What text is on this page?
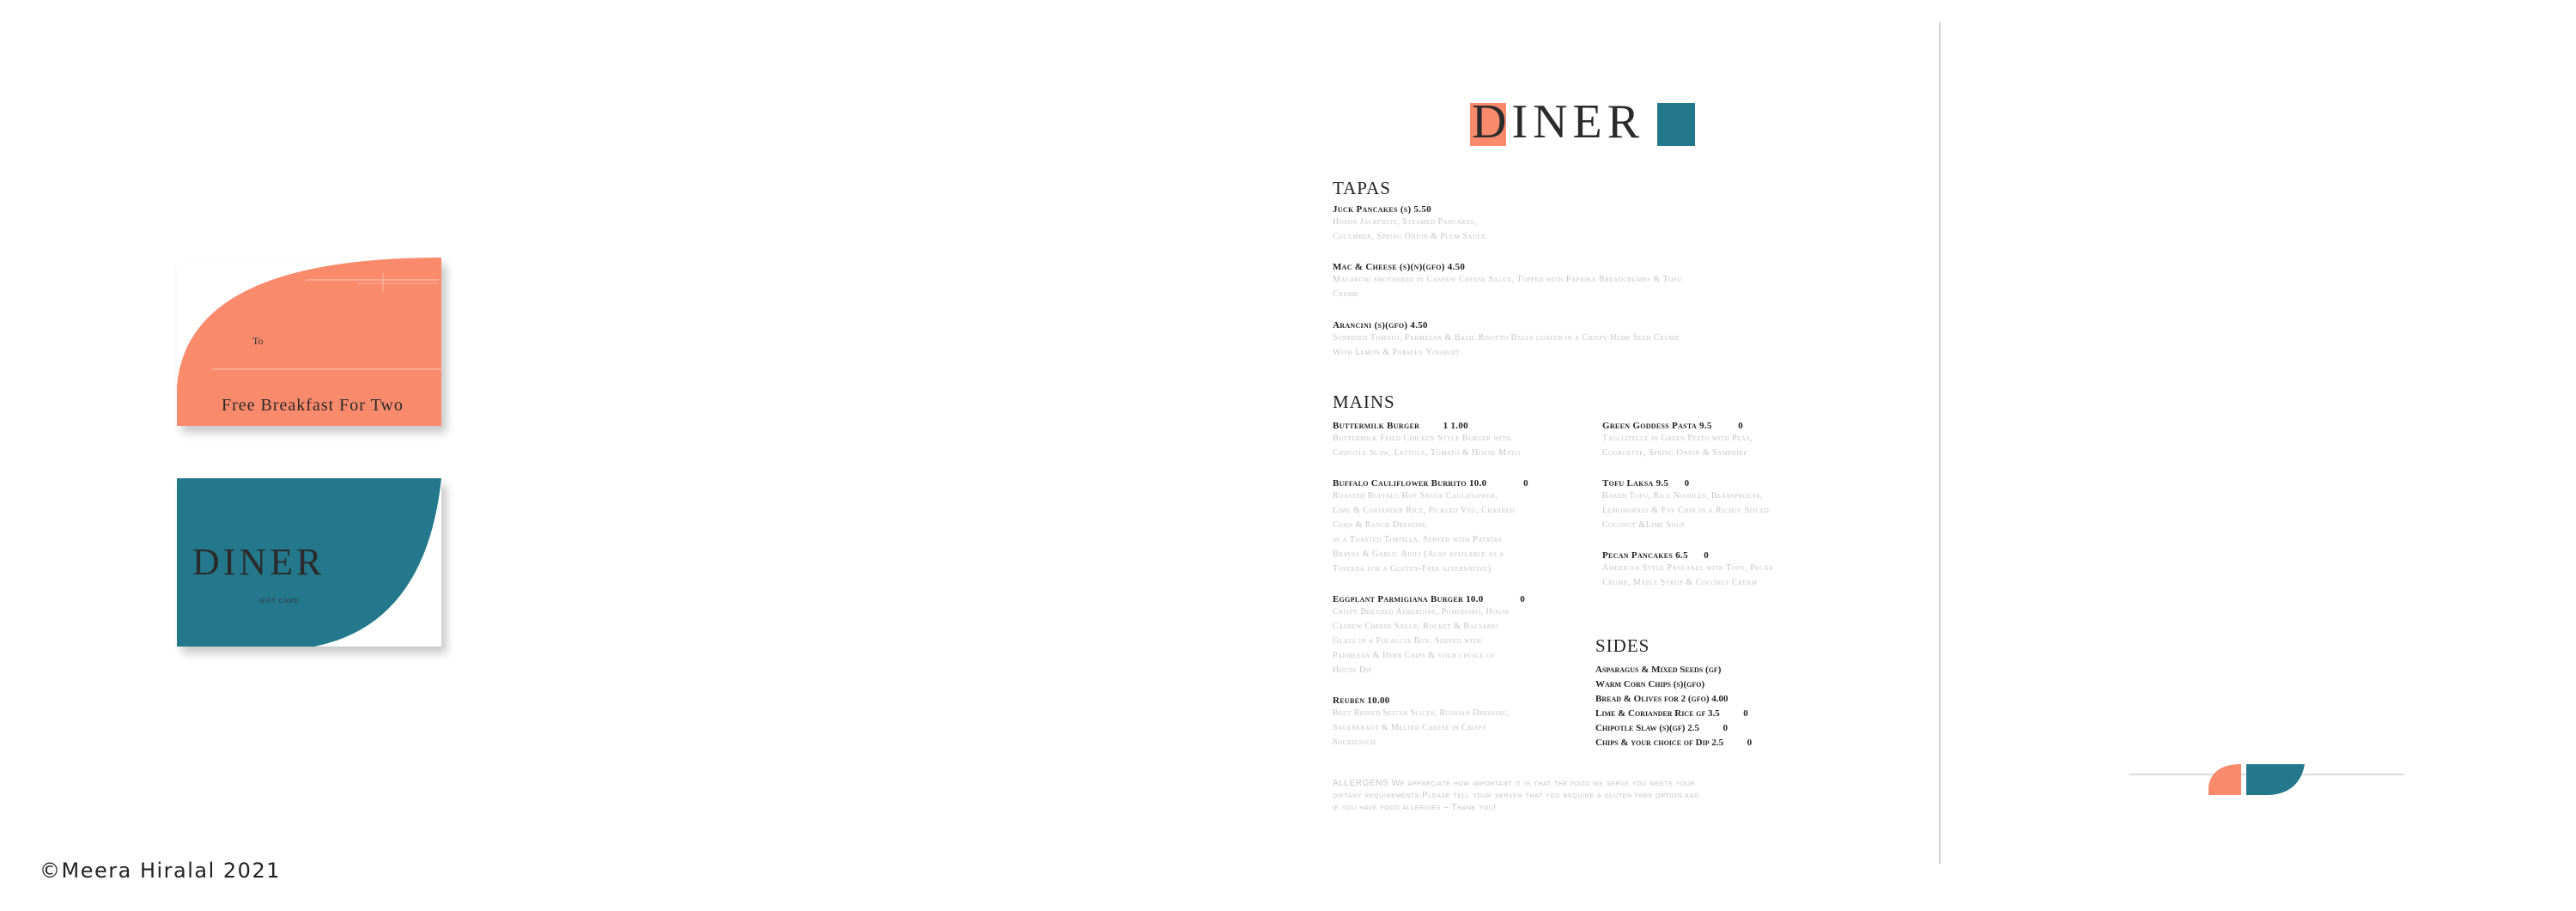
To
Free Breakfast For Two
DINER
GIFT CARD
DINER
TAPAS
Juck Pancakes (s) 5.50
Hoisin Jackfruit, Steamed Pancakes,
Cucumber, Spring Onion & Plum Sauce
Mac & Cheese (s)(n)(gfo) 4.50
Macaroni smothered in Cashew Cheese Sauce, Topped with Paprika Breadcrumbs & Tofu
Crumb
Arancini (s)(gfo) 4.50
Sundried Tomato, Parmesan & Basil Risotto Balls coated in a Crispy Hemp Seed Crumb
With Lemon & Parsley Yoghurt
MAINS
Buttermilk Burger 1 1.00
Buttermilk Fried Chicken Style Burger with
Chipotle Slaw, Lettuce, Tomato & House Mayo
Buffalo Cauliflower Burrito 10.0	0
Roasted Buffalo Hot Sauce Cauliflower,
Lime & Coriander Rice, Pickled Veg, Charred
Corn & Ranch Dressing
in a Toasted Tortilla. Served with Patatas
Bravas & Garlic Aioli (Also available as a
Tostada for a Gluten-Free alternative)
Eggplant Parmigiana Burger 10.0	0
Crispy Breaded Aubergine, Pomodoro, House
Cashew Cheese Sauce, Rocket & Balsamic
Glaze in a Focaccia Bun. Served with
Parmesan & Herb Chips & your choice of
House Dip
Reuben 10.00
Beet Brined Seitan Slices, Russian Dressing,
Sauerkraut & Melted Cheese in Crispy
Sourdough
Green Goddess Pasta 9.5	0
Tagliatelle in Green Pesto with Peas,
Courgette, Spring Onion & Samphire
Tofu Laksa 9.5 0
Baked Tofu, Rice Noodles, Beansprouts,
Lemongrass & Fay Chin in a Richly Spiced
Coconut &Lime Soup
Pecan Pancakes 6.5 0
American Style Pancakes with Tofu, Pecan
Crumb, Maple Syrup & Coconut Cream
SIDES
Asparagus & Mixed Seeds (gf)
Warm Corn Chips (s)(gfo)
Bread & Olives for 2 (gfo) 4.00
Lime & Coriander Rice gf 3.5	0
Chipotle Slaw (s)(gf) 2.5	0
Chips & your choice of Dip 2.5	0
ALLERGENS We appreciate how important it is that the food we serve you meets your
dietary requirements.Please tell your server that you require a gluten free option and
if you have food allergies – Thank you!
©Meera Hiralal 2021
